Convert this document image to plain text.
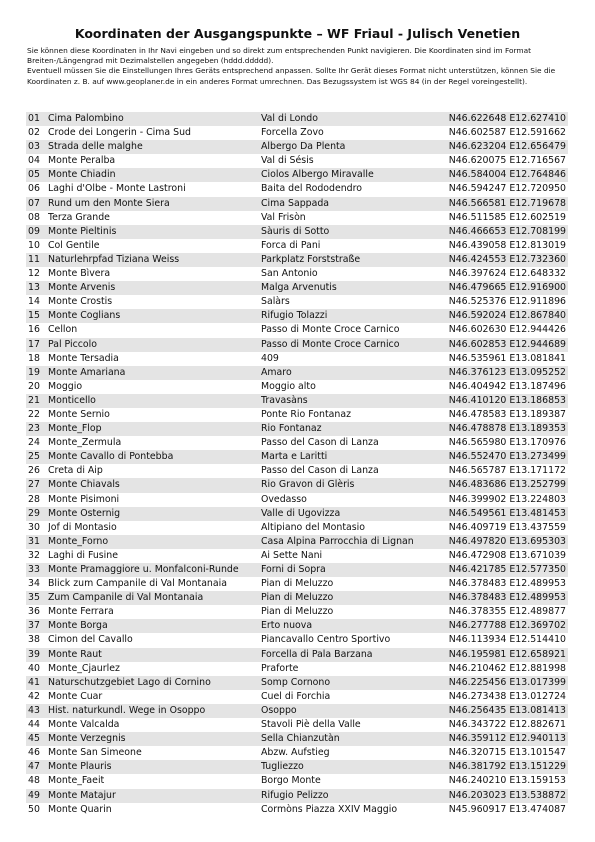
Koordinaten der Ausgangspunkte – WF Friaul - Julisch Venetien

Sie können diese Koordinaten in Ihr Navi eingeben und so direkt zum entsprechenden Punkt navigieren. Die Koordinaten sind im Format Breiten-/Längengrad mit Dezimalstellen angegeben (hddd.ddddd).

Eventuell müssen Sie die Einstellungen Ihres Geräts entsprechend anpassen. Sollte Ihr Gerät dieses Format nicht unterstützen, können Sie die Koordinaten z. B. auf www.geoplaner.de in ein anderes Format umrechnen. Das Bezugssystem ist WGS 84 (in der Regel voreingestellt).

01 Cima Palombino	Val di Londo	N46.622648 E12.627410
02 Crode dei Longerin - Cima Sud	Forcella Zovo	N46.602587 E12.591662
03 Strada delle malghe	Albergo Da Plenta	N46.623204 E12.656479
04 Monte Peralba	Val di Sésis	N46.620075 E12.716567
05 Monte Chiadin	Ciolos Albergo Miravalle	N46.584004 E12.764846
06 Laghi d'Olbe - Monte Lastroni	Baita del Rododendro	N46.594247 E12.720950
07 Rund um den Monte Siera	Cima Sappada	N46.566581 E12.719678
08 Terza Grande	Val Frisòn	N46.511585 E12.602519
09 Monte Pieltinis	Sàuris di Sotto	N46.466653 E12.708199
10 Col Gentile	Forca di Pani	N46.439058 E12.813019
11 Naturlehrpfad Tiziana Weiss	Parkplatz Forststraße	N46.424553 E12.732360
12 Monte Bìvera	San Antonio	N46.397624 E12.648332
13 Monte Arvenis	Malga Arvenutis	N46.479665 E12.916900
14 Monte Crostis	Salàrs	N46.525376 E12.911896
15 Monte Coglians	Rifugio Tolazzi	N46.592024 E12.867840
16 Cellon	Passo di Monte Croce Carnico	N46.602630 E12.944426
17 Pal Piccolo	Passo di Monte Croce Carnico	N46.602853 E12.944689
18 Monte Tersadia	409	N46.535961 E13.081841
19 Monte Amariana	Amaro	N46.376123 E13.095252
20 Moggio	Moggio alto	N46.404942 E13.187496
21 Monticello	Travasàns	N46.410120 E13.186853
22 Monte Sernio	Ponte Rio Fontanaz	N46.478583 E13.189387
23 Monte_Flop	Rio Fontanaz	N46.478878 E13.189353
24 Monte_Zermula	Passo del Cason di Lanza	N46.565980 E13.170976
25 Monte Cavallo di Pontebba	Marta e Laritti	N46.552470 E13.273499
26 Creta di Aip	Passo del Cason di Lanza	N46.565787 E13.171172
27 Monte Chiavals	Rio Gravon di Glèris	N46.483686 E13.252799
28 Monte Pisimoni	Ovedasso	N46.399902 E13.224803
29 Monte Osternig	Valle di Ugovizza	N46.549561 E13.481453
30 Jof di Montasio	Altipiano del Montasio	N46.409719 E13.437559
31 Monte_Forno	Casa Alpina Parrocchia di Lignan	N46.497820 E13.695303
32 Laghi di Fusine	Ai Sette Nani	N46.472908 E13.671039
33 Monte Pramaggiore u. Monfalconi-Runde	Forni di Sopra	N46.421785 E12.577350
34 Blick zum Campanile di Val Montanaia	Pian di Meluzzo	N46.378483 E12.489953
35 Zum Campanile di Val Montanaia	Pian di Meluzzo	N46.378483 E12.489953
36 Monte Ferrara	Pian di Meluzzo	N46.378355 E12.489877
37 Monte Borga	Erto nuova	N46.277788 E12.369702
38 Cimon del Cavallo	Piancavallo Centro Sportivo	N46.113934 E12.514410
39 Monte Raut	Forcella di Pala Barzana	N46.195981 E12.658921
40 Monte_Cjaurlez	Praforte	N46.210462 E12.881998
41 Naturschutzgebiet Lago di Cornino	Somp Cornono	N46.225456 E13.017399
42 Monte Cuar	Cuel di Forchia	N46.273438 E13.012724
43 Hist. naturkundl. Wege in Osoppo	Osoppo	N46.256435 E13.081413
44 Monte Valcalda	Stavoli Piè della Valle	N46.343722 E12.882671
45 Monte Verzegnis	Sella Chianzutàn	N46.359112 E12.940113
46 Monte San Simeone	Abzw. Aufstieg	N46.320715 E13.101547
47 Monte Plauris	Tugliezzo	N46.381792 E13.151229
48 Monte_Faeit	Borgo Monte	N46.240210 E13.159153
49 Monte Matajur	Rifugio Pelizzo	N46.203023 E13.538872
50 Monte Quarin	Cormòns Piazza XXIV Maggio	N45.960917 E13.474087
